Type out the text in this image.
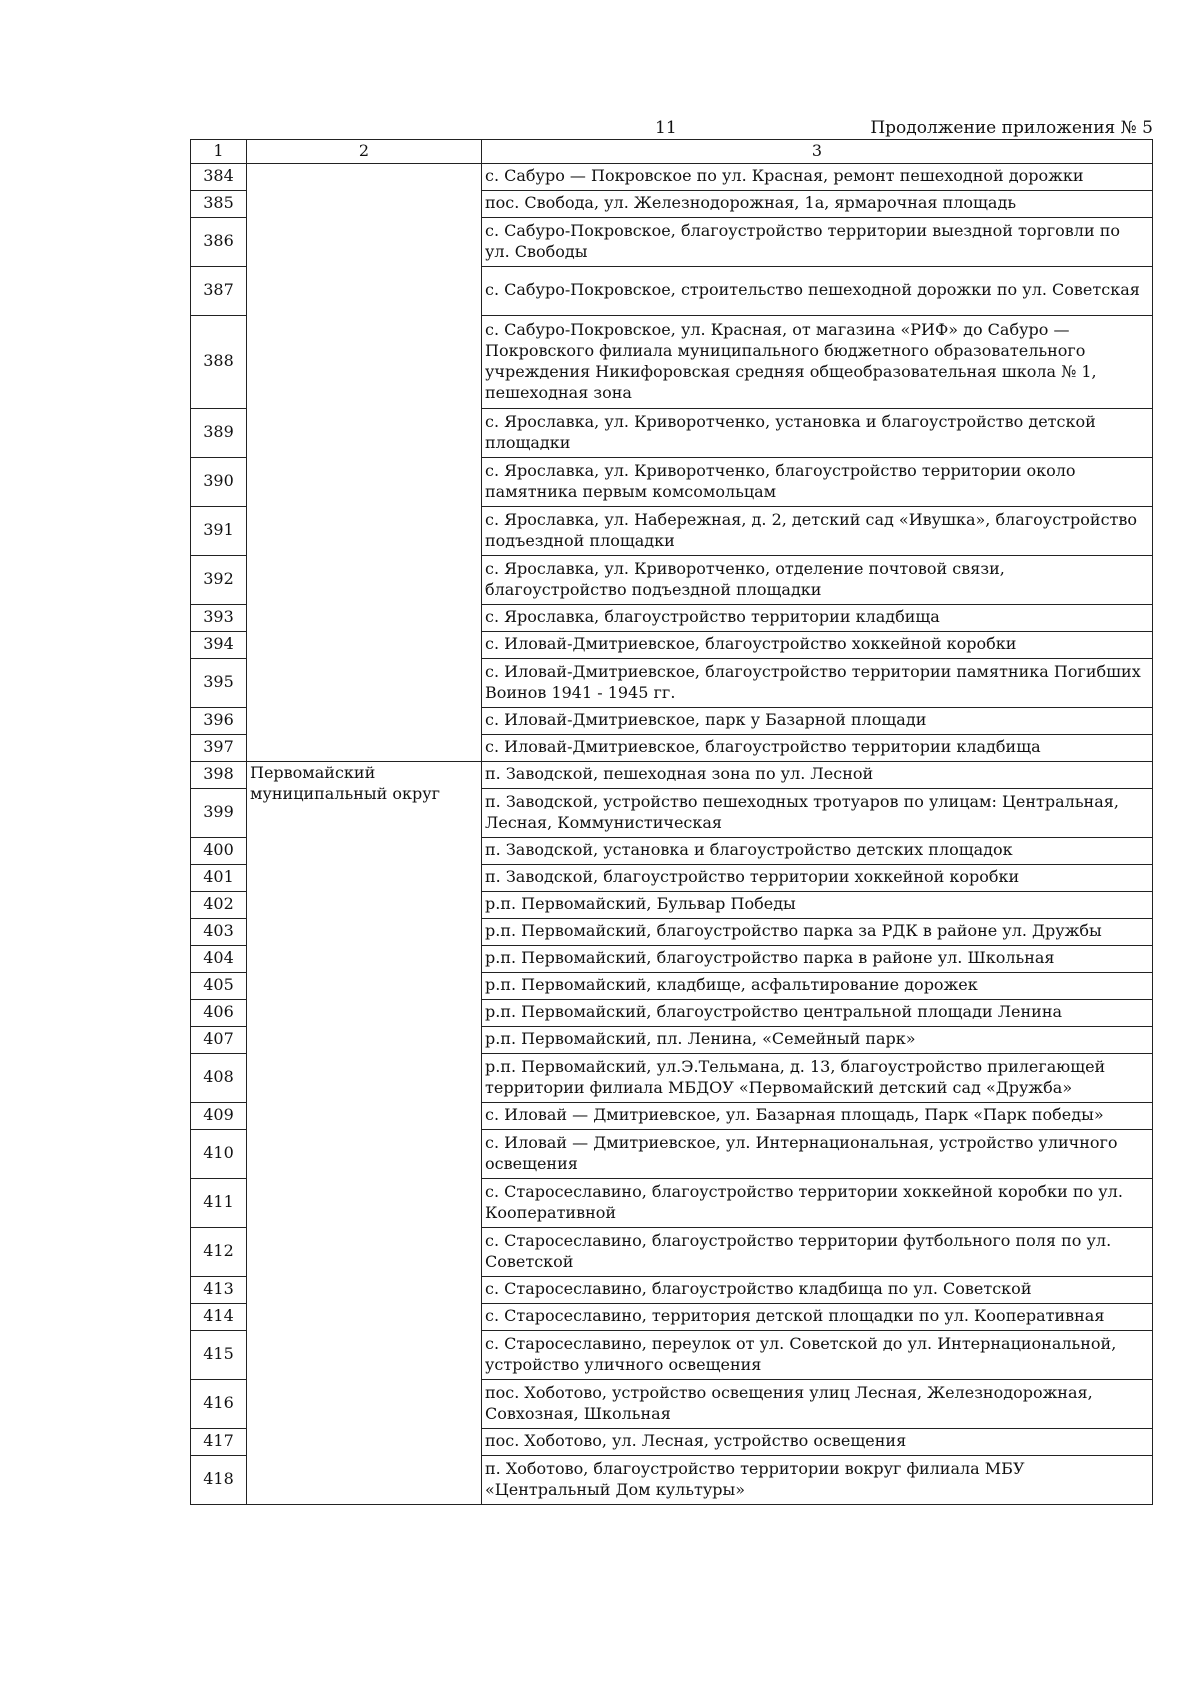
11	Продолжение приложения № 5
1	2	3
384		с. Сабуро — Покровское по ул. Красная, ремонт пешеходной дорожки
385		пос. Свобода, ул. Железнодорожная, 1а, ярмарочная площадь
386		с. Сабуро-Покровское, благоустройство территории выездной торговли по ул. Свободы
387		с. Сабуро-Покровское, строительство пешеходной дорожки по ул. Советская
388		с. Сабуро-Покровское, ул. Красная, от магазина «РИФ» до Сабуро — Покровского филиала муниципального бюджетного образовательного учреждения Никифоровская средняя общеобразовательная школа № 1, пешеходная зона
389		с. Ярославка, ул. Криворотченко, установка и благоустройство детской площадки
390		с. Ярославка, ул. Криворотченко, благоустройство территории около памятника первым комсомольцам
391		с. Ярославка, ул. Набережная, д. 2, детский сад «Ивушка», благоустройство подъездной площадки
392		с. Ярославка, ул. Криворотченко, отделение почтовой связи, благоустройство подъездной площадки
393		с. Ярославка, благоустройство территории кладбища
394		с. Иловай-Дмитриевское, благоустройство хоккейной коробки
395		с. Иловай-Дмитриевское, благоустройство территории памятника Погибших Воинов 1941 - 1945 гг.
396		с. Иловай-Дмитриевское, парк у Базарной площади
397		с. Иловай-Дмитриевское, благоустройство территории кладбища
398	Первомайский муниципальный округ	п. Заводской, пешеходная зона по ул. Лесной
399		п. Заводской, устройство пешеходных тротуаров по улицам: Центральная, Лесная, Коммунистическая
400		п. Заводской, установка и благоустройство детских площадок
401		п. Заводской, благоустройство территории хоккейной коробки
402		р.п. Первомайский, Бульвар Победы
403		р.п. Первомайский, благоустройство парка за РДК в районе ул. Дружбы
404		р.п. Первомайский, благоустройство парка в районе ул. Школьная
405		р.п. Первомайский, кладбище, асфальтирование дорожек
406		р.п. Первомайский, благоустройство центральной площади Ленина
407		р.п. Первомайский, пл. Ленина, «Семейный парк»
408		р.п. Первомайский, ул.Э.Тельмана, д. 13, благоустройство прилегающей территории филиала МБДОУ «Первомайский детский сад «Дружба»
409		с. Иловай — Дмитриевское, ул. Базарная площадь, Парк «Парк победы»
410		с. Иловай — Дмитриевское, ул. Интернациональная, устройство уличного освещения
411		с. Старосеславино, благоустройство территории хоккейной коробки по ул. Кооперативной
412		с. Старосеславино, благоустройство территории футбольного поля по ул. Советской
413		с. Старосеславино, благоустройство кладбища по ул. Советской
414		с. Старосеславино, территория детской площадки по ул. Кооперативная
415		с. Старосеславино, переулок от ул. Советской до ул. Интернациональной, устройство уличного освещения
416		пос. Хоботово, устройство освещения улиц Лесная, Железнодорожная, Совхозная, Школьная
417		пос. Хоботово, ул. Лесная, устройство освещения
418		п. Хоботово, благоустройство территории вокруг филиала МБУ «Центральный Дом культуры»
